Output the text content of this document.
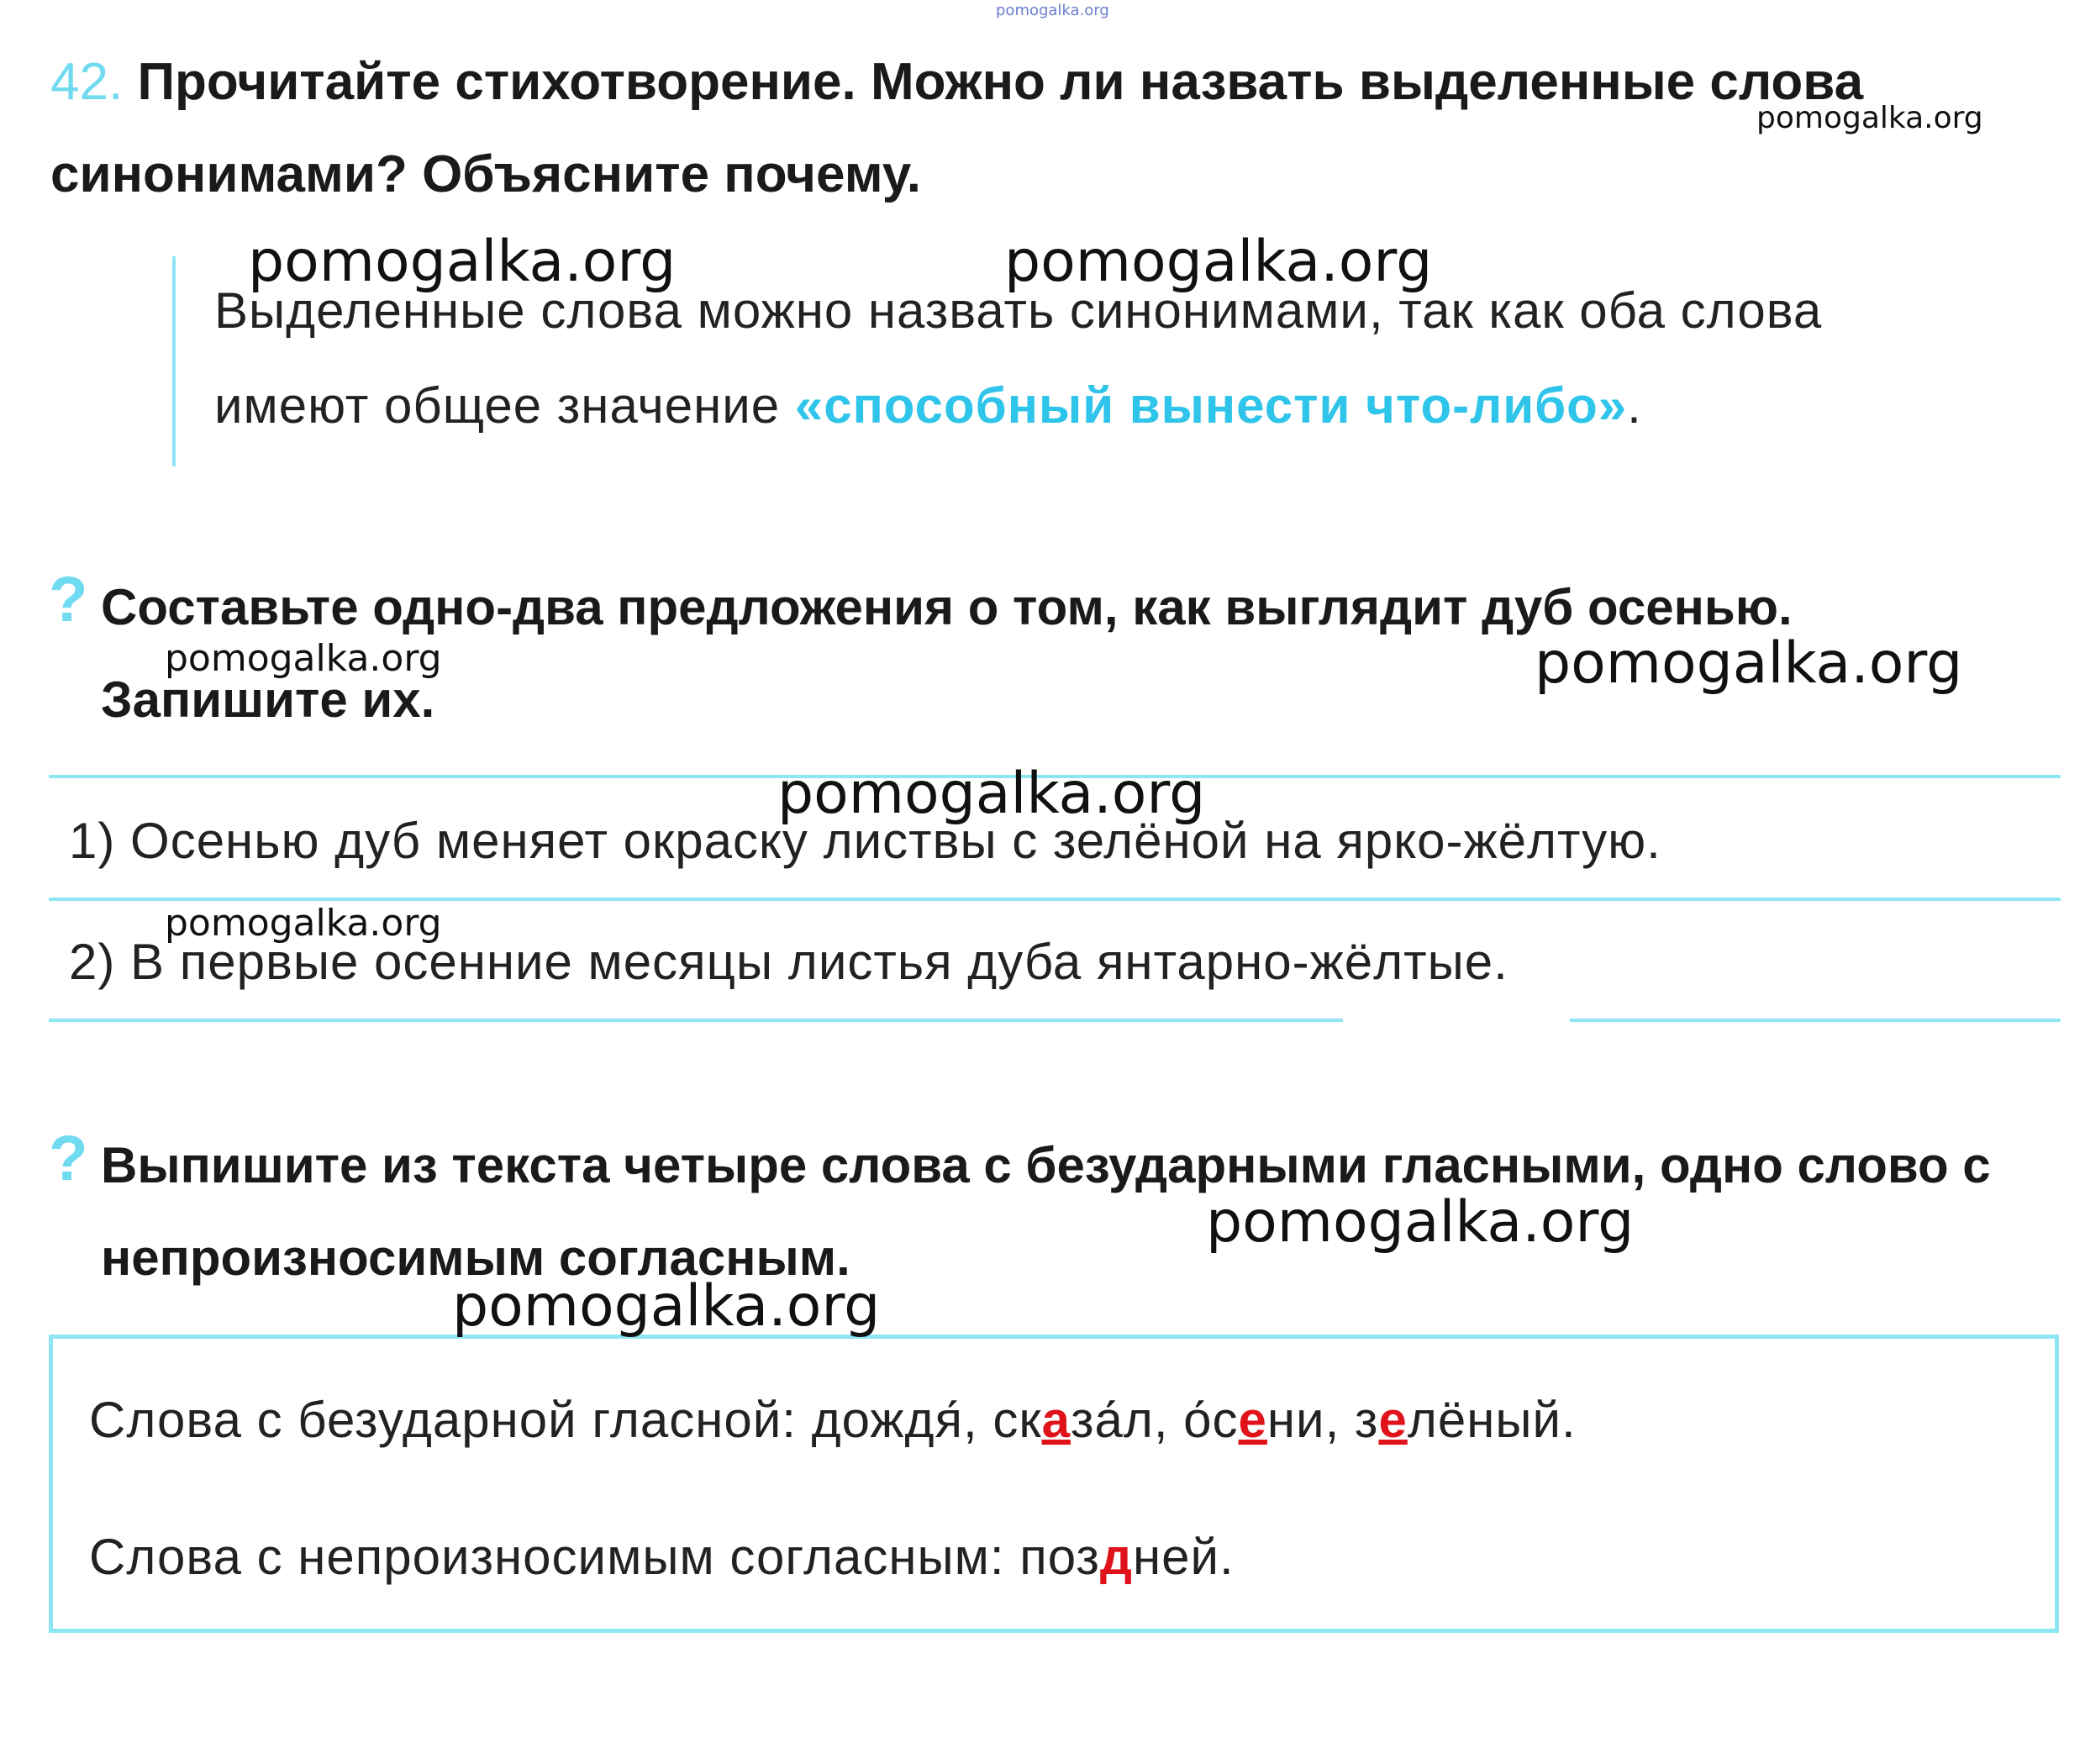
pomogalka.org
42. Прочитайте стихотворение. Можно ли назвать выделенные слова
синонимами? Объясните почему.
Выделенные слова можно назвать синонимами, так как оба слова
имеют общее значение «способный вынести что-либо».
? Составьте одно-два предложения о том, как выглядит дуб осенью.
Запишите их.
1) Осенью дуб меняет окраску листвы с зелёной на ярко-жёлтую.
2) В первые осенние месяцы листья дуба янтарно-жёлтые.
? Выпишите из текста четыре слова с безударными гласными, одно слово с
непроизносимым согласным.
Слова с безударной гласной: дождя́, сказа́л, о́сени, зелёный.
Слова с непроизносимым согласным: поздней.
pomogalka.org
pomogalka.org	pomogalka.org
pomogalka.org	pomogalka.org
pomogalka.org
pomogalka.org
pomogalka.org
pomogalka.org
